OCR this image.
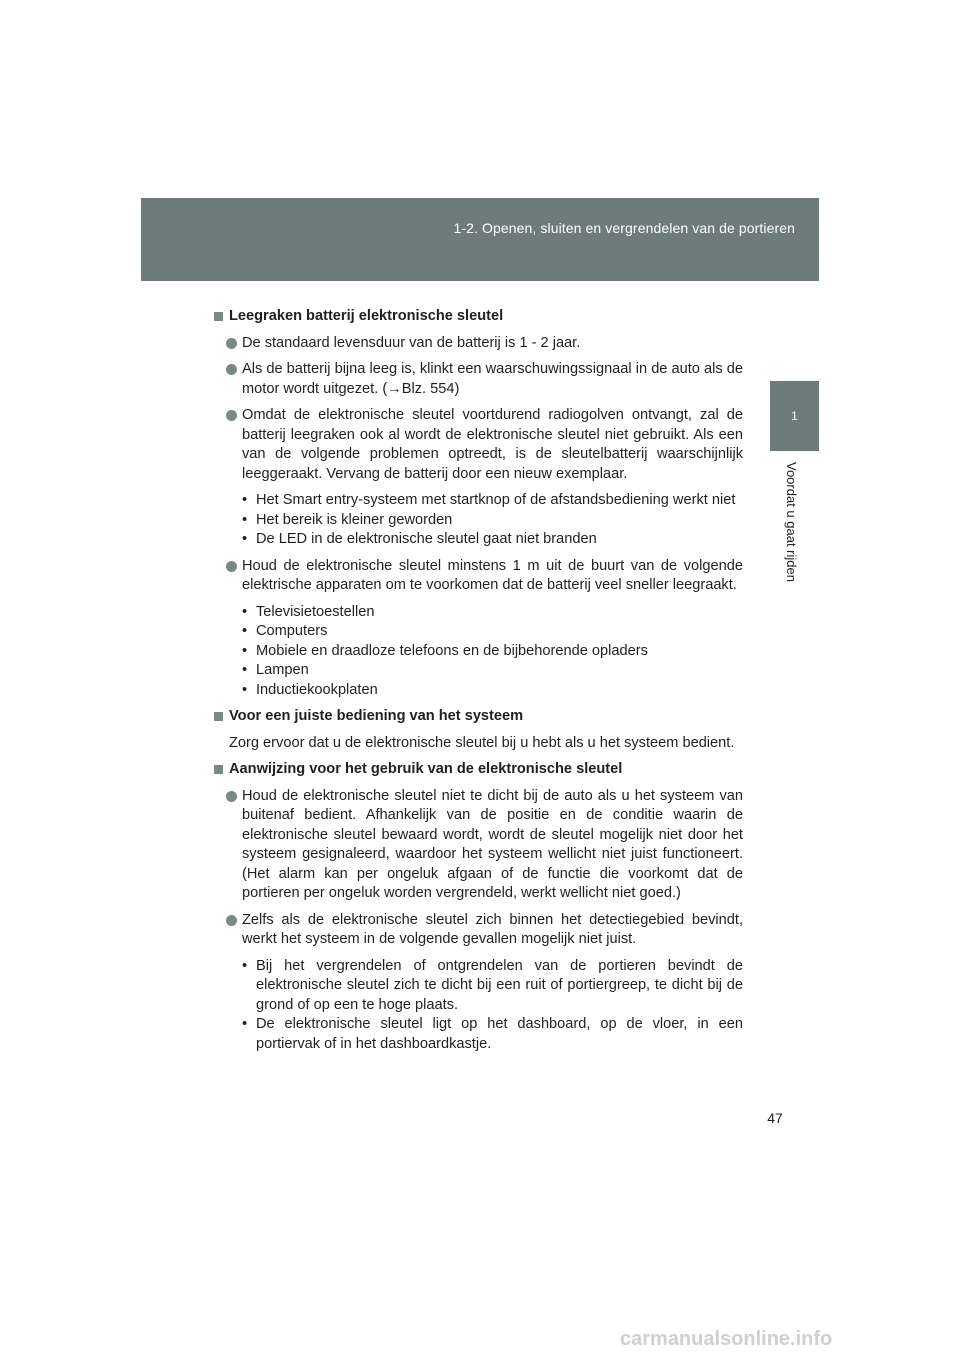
1-2. Openen, sluiten en vergrendelen van de portieren
1
Voordat u gaat rijden
Leegraken batterij elektronische sleutel
De standaard levensduur van de batterij is 1 - 2 jaar.
Als de batterij bijna leeg is, klinkt een waarschuwingssignaal in de auto als de motor wordt uitgezet. (→Blz. 554)
Omdat de elektronische sleutel voortdurend radiogolven ontvangt, zal de batterij leegraken ook al wordt de elektronische sleutel niet gebruikt. Als een van de volgende problemen optreedt, is de sleutelbatterij waarschijnlijk leeggeraakt. Vervang de batterij door een nieuw exemplaar.
• Het Smart entry-systeem met startknop of de afstandsbediening werkt niet
• Het bereik is kleiner geworden
• De LED in de elektronische sleutel gaat niet branden
Houd de elektronische sleutel minstens 1 m uit de buurt van de volgende elektrische apparaten om te voorkomen dat de batterij veel sneller leegraakt.
• Televisietoestellen
• Computers
• Mobiele en draadloze telefoons en de bijbehorende opladers
• Lampen
• Inductiekookplaten
Voor een juiste bediening van het systeem
Zorg ervoor dat u de elektronische sleutel bij u hebt als u het systeem bedient.
Aanwijzing voor het gebruik van de elektronische sleutel
Houd de elektronische sleutel niet te dicht bij de auto als u het systeem van buitenaf bedient. Afhankelijk van de positie en de conditie waarin de elektronische sleutel bewaard wordt, wordt de sleutel mogelijk niet door het systeem gesignaleerd, waardoor het systeem wellicht niet juist functioneert. (Het alarm kan per ongeluk afgaan of de functie die voorkomt dat de portieren per ongeluk worden vergrendeld, werkt wellicht niet goed.)
Zelfs als de elektronische sleutel zich binnen het detectiegebied bevindt, werkt het systeem in de volgende gevallen mogelijk niet juist.
• Bij het vergrendelen of ontgrendelen van de portieren bevindt de elektronische sleutel zich te dicht bij een ruit of portiergreep, te dicht bij de grond of op een te hoge plaats.
• De elektronische sleutel ligt op het dashboard, op de vloer, in een portiervak of in het dashboardkastje.
47
carmanualsonline.info
